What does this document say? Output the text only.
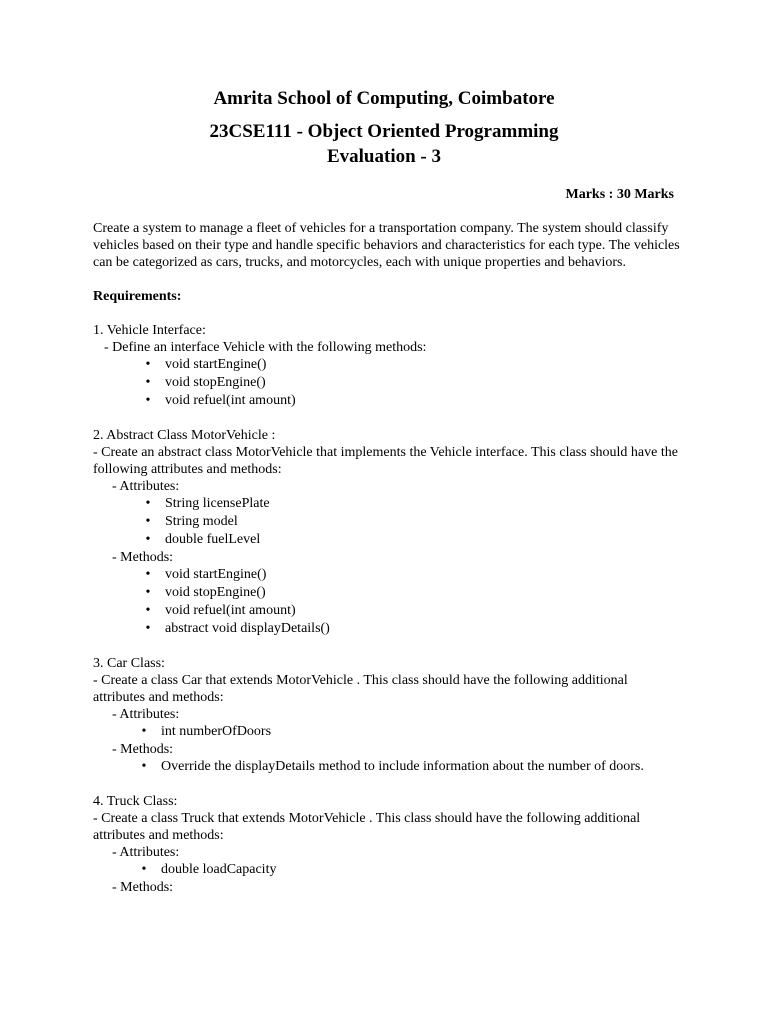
Amrita School of Computing, Coimbatore
23CSE111 - Object Oriented Programming
Evaluation - 3
Marks : 30 Marks

Create a system to manage a fleet of vehicles for a transportation company. The system should classify vehicles based on their type and handle specific behaviors and characteristics for each type. The vehicles can be categorized as cars, trucks, and motorcycles, each with unique properties and behaviors.

Requirements:

1. Vehicle Interface:

- Define an interface Vehicle with the following methods:

• void startEngine()
• void stopEngine()
• void refuel(int amount)

2. Abstract Class MotorVehicle :

- Create an abstract class MotorVehicle that implements the Vehicle interface. This class should have the following attributes and methods:

- Attributes:

• String licensePlate
• String model
• double fuelLevel

- Methods:

• void startEngine()
• void stopEngine()
• void refuel(int amount)
• abstract void displayDetails()

3. Car Class:

- Create a class Car that extends MotorVehicle . This class should have the following additional attributes and methods:

- Attributes:

• int numberOfDoors

- Methods:

• Override the displayDetails method to include information about the number of doors.

4. Truck Class:

- Create a class Truck that extends MotorVehicle . This class should have the following additional attributes and methods:

- Attributes:

• double loadCapacity

- Methods:
